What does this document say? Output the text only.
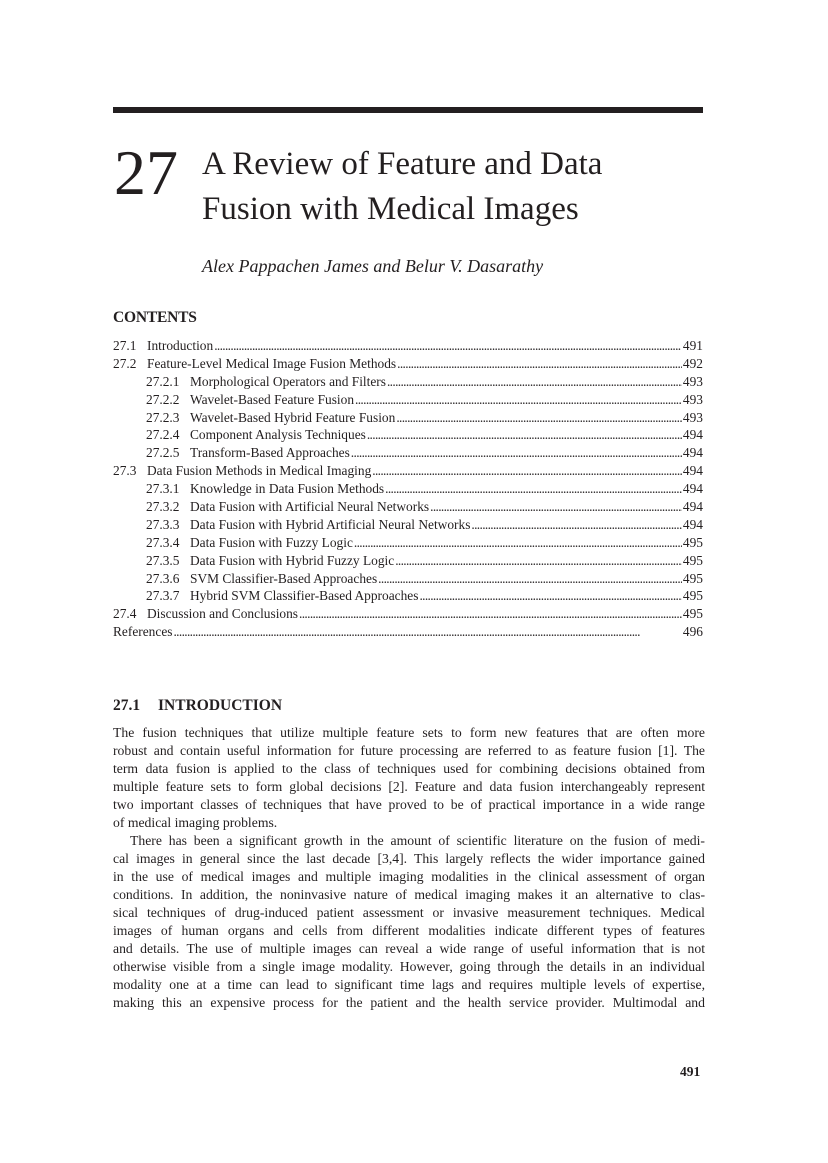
27 A Review of Feature and Data
Fusion with Medical Images
Alex Pappachen James and Belur V. Dasarathy
CONTENTS
27.1 Introduction . . .	491
27.2 Feature-Level Medical Image Fusion Methods . . .	492
27.2.1 Morphological Operators and Filters . . .	493
27.2.2 Wavelet-Based Feature Fusion . . .	493
27.2.3 Wavelet-Based Hybrid Feature Fusion . . .	493
27.2.4 Component Analysis Techniques . . .	494
27.2.5 Transform-Based Approaches . . .	494
27.3 Data Fusion Methods in Medical Imaging . . .	494
27.3.1 Knowledge in Data Fusion Methods . . .	494
27.3.2 Data Fusion with Artificial Neural Networks . . .	494
27.3.3 Data Fusion with Hybrid Artificial Neural Networks . . .	494
27.3.4 Data Fusion with Fuzzy Logic . . .	495
27.3.5 Data Fusion with Hybrid Fuzzy Logic . . .	495
27.3.6 SVM Classifier-Based Approaches . . .	495
27.3.7 Hybrid SVM Classifier-Based Approaches . . .	495
27.4 Discussion and Conclusions . . .	495
References . . .	496
27.1 INTRODUCTION
The fusion techniques that utilize multiple feature sets to form new features that are often more
robust and contain useful information for future processing are referred to as feature fusion [1]. The
term data fusion is applied to the class of techniques used for combining decisions obtained from
multiple feature sets to form global decisions [2]. Feature and data fusion interchangeably represent
two important classes of techniques that have proved to be of practical importance in a wide range
of medical imaging problems.
There has been a significant growth in the amount of scientific literature on the fusion of medi-
cal images in general since the last decade [3,4]. This largely reflects the wider importance gained
in the use of medical images and multiple imaging modalities in the clinical assessment of organ
conditions. In addition, the noninvasive nature of medical imaging makes it an alternative to clas-
sical techniques of drug-induced patient assessment or invasive measurement techniques. Medical
images of human organs and cells from different modalities indicate different types of features
and details. The use of multiple images can reveal a wide range of useful information that is not
otherwise visible from a single image modality. However, going through the details in an individual
modality one at a time can lead to significant time lags and requires multiple levels of expertise,
making this an expensive process for the patient and the health service provider. Multimodal and
491
